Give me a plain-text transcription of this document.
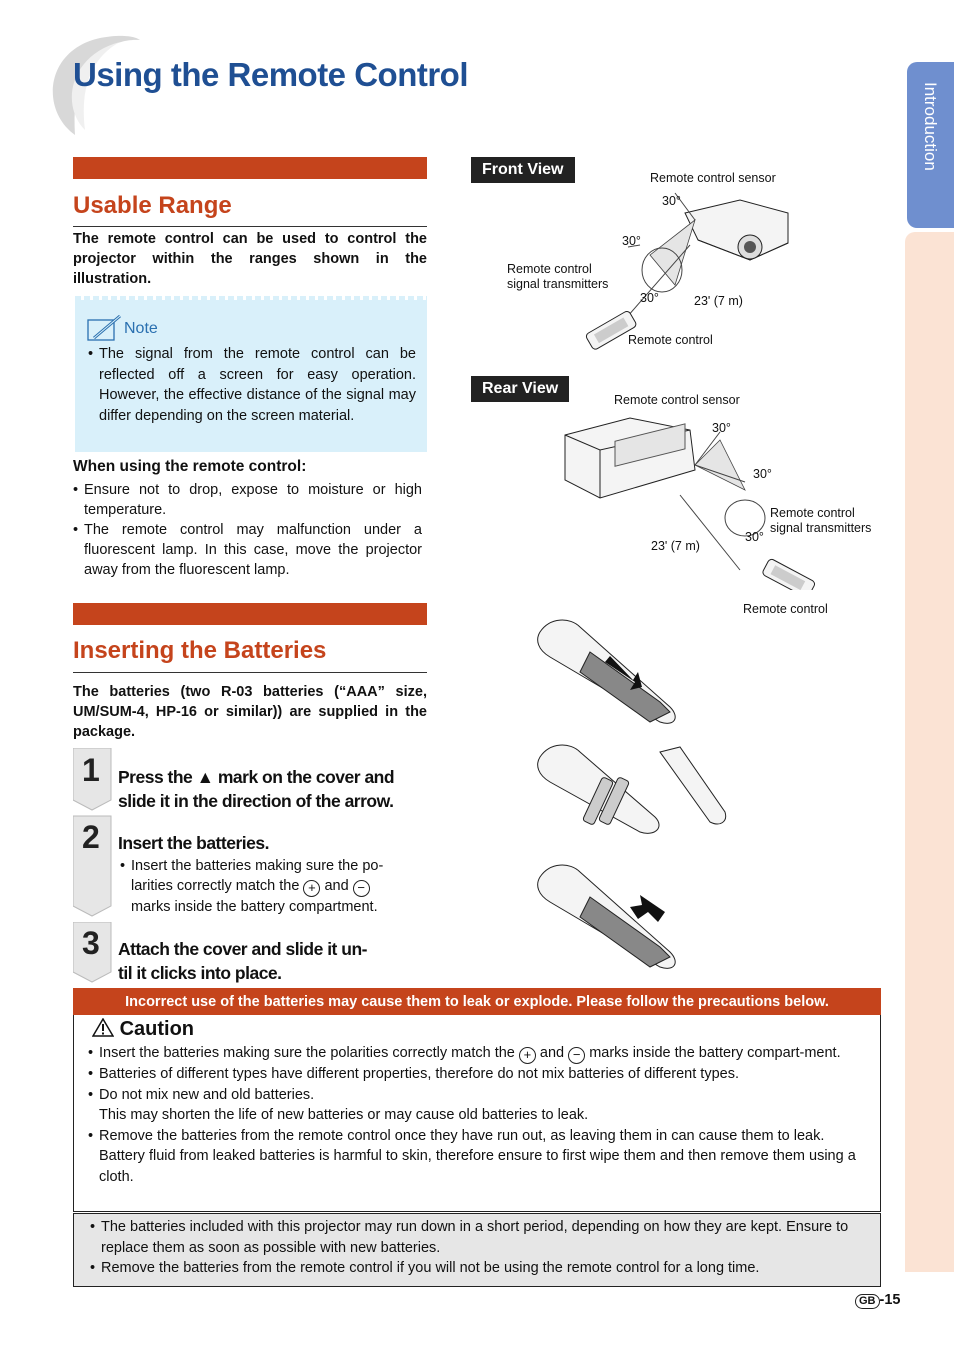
Using the Remote Control
Introduction
Usable Range
The remote control can be used to control the projector within the ranges shown in the illustration.
Note
• The signal from the remote control can be reflected off a screen for easy operation. However, the effective distance of the signal may differ depending on the screen material.
When using the remote control:
• Ensure not to drop, expose to moisture or high temperature.
• The remote control may malfunction under a fluorescent lamp. In this case, move the projector away from the fluorescent lamp.
Front View	Remote control sensor
30°
30°
30°
Remote control
signal transmitters
23' (7 m)
Remote control
Rear View
Remote control sensor
30°
30°
30°
Remote control
signal transmitters
23' (7 m)
Remote control
Inserting the Batteries
The batteries (two R-03 batteries (“AAA” size, UM/SUM-4, HP-16 or similar)) are supplied in the package.
1
2
3
Press the ▲ mark on the cover and
slide it in the direction of the arrow.
Insert the batteries.
• Insert the batteries making sure the po-
larities correctly match the + and −
marks inside the battery compartment.
Attach the cover and slide it un-
til it clicks into place.
Incorrect use of the batteries may cause them to leak or explode. Please follow the precautions below.
Caution
• Insert the batteries making sure the polarities correctly match the + and − marks inside the battery compart-ment.
• Batteries of different types have different properties, therefore do not mix batteries of different types.
• Do not mix new and old batteries.
This may shorten the life of new batteries or may cause old batteries to leak.
• Remove the batteries from the remote control once they have run out, as leaving them in can cause them to leak. Battery fluid from leaked batteries is harmful to skin, therefore ensure to first wipe them and then remove them using a cloth.
• The batteries included with this projector may run down in a short period, depending on how they are kept. Ensure to replace them as soon as possible with new batteries.
• Remove the batteries from the remote control if you will not be using the remote control for a long time.
GB -15
